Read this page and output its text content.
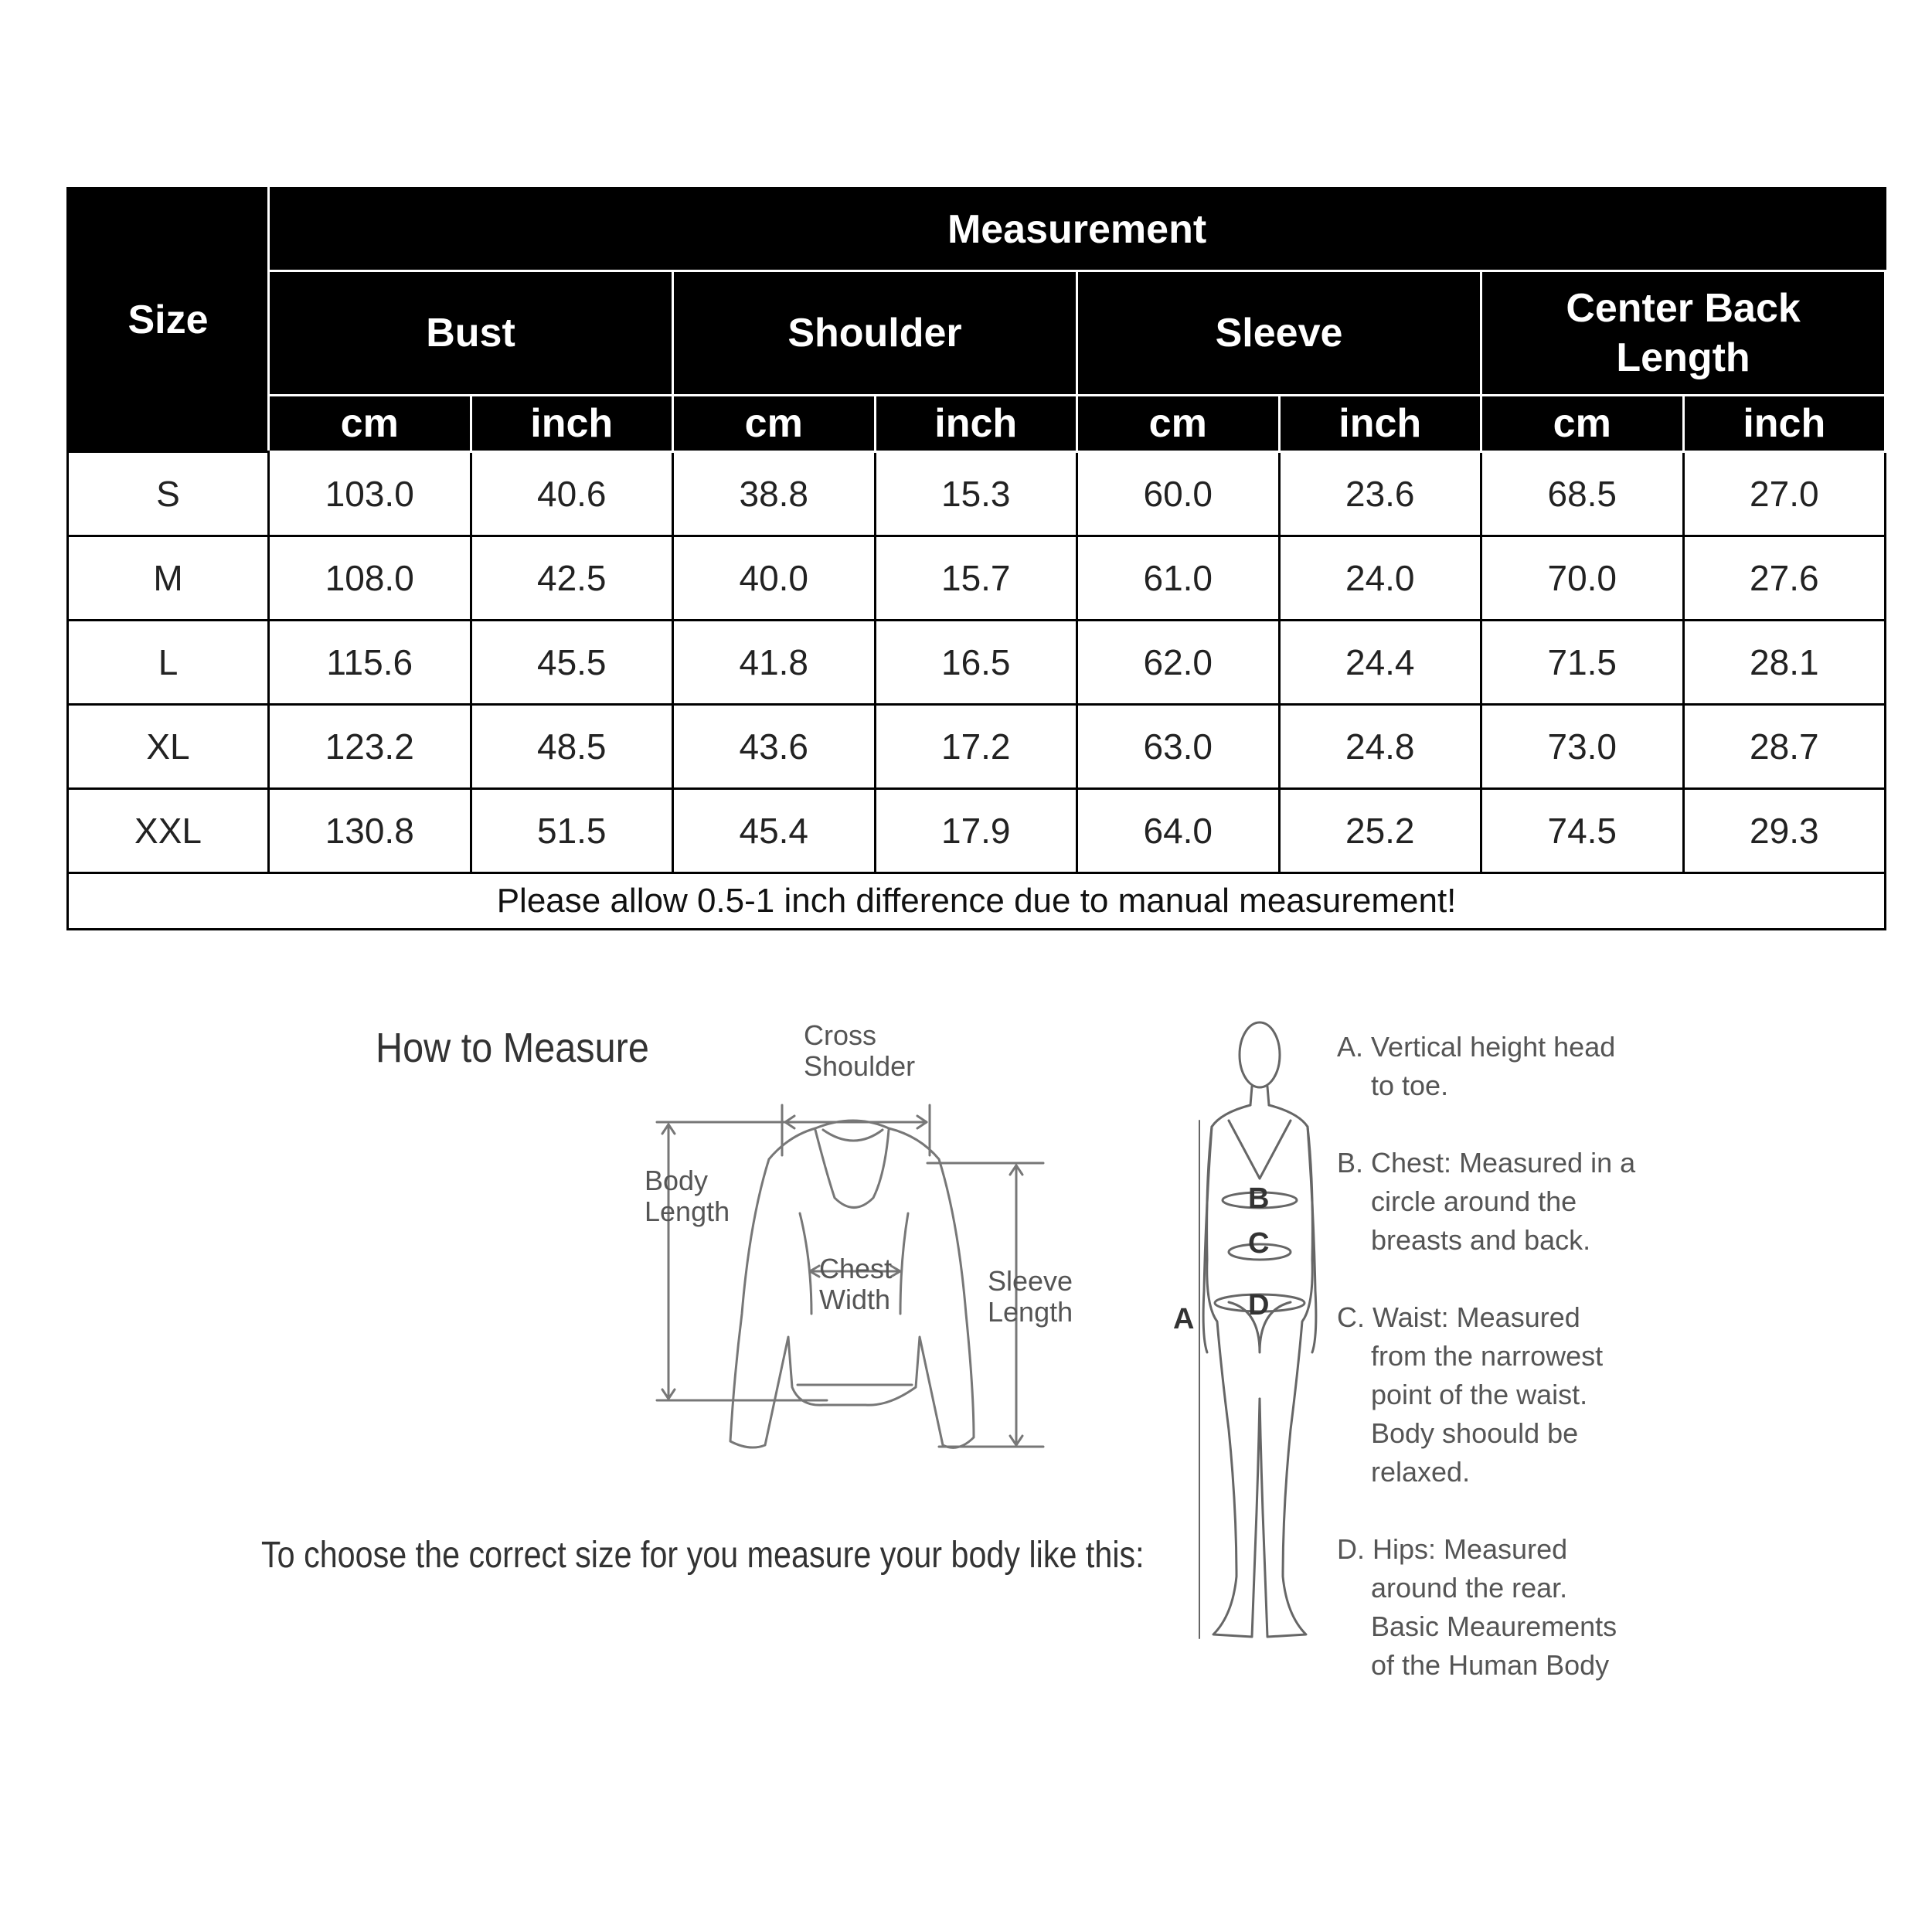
Size	Measurement							
	Bust		Shoulder		Sleeve		Center Back
Length	
	cm	inch	cm	inch	cm	inch	cm	inch
S	103.0	40.6	38.8	15.3	60.0	23.6	68.5	27.0
M	108.0	42.5	40.0	15.7	61.0	24.0	70.0	27.6
L	115.6	45.5	41.8	16.5	62.0	24.4	71.5	28.1
XL	123.2	48.5	43.6	17.2	63.0	24.8	73.0	28.7
XXL	130.8	51.5	45.4	17.9	64.0	25.2	74.5	29.3
Please allow 0.5-1 inch difference due to manual measurement!								
How to Measure	Cross
Shoulder
Body
Length
Chest
Width
Sleeve
Length
To choose the correct size for you measure your body like this:
B
C
D
A
A. Vertical height head
to toe.
B. Chest: Measured in a
circle around the
breasts and back.
C. Waist: Measured
from the narrowest
point of the waist.
Body shoould be
relaxed.
D. Hips: Measured
around the rear.
Basic Meaurements
of the Human Body
